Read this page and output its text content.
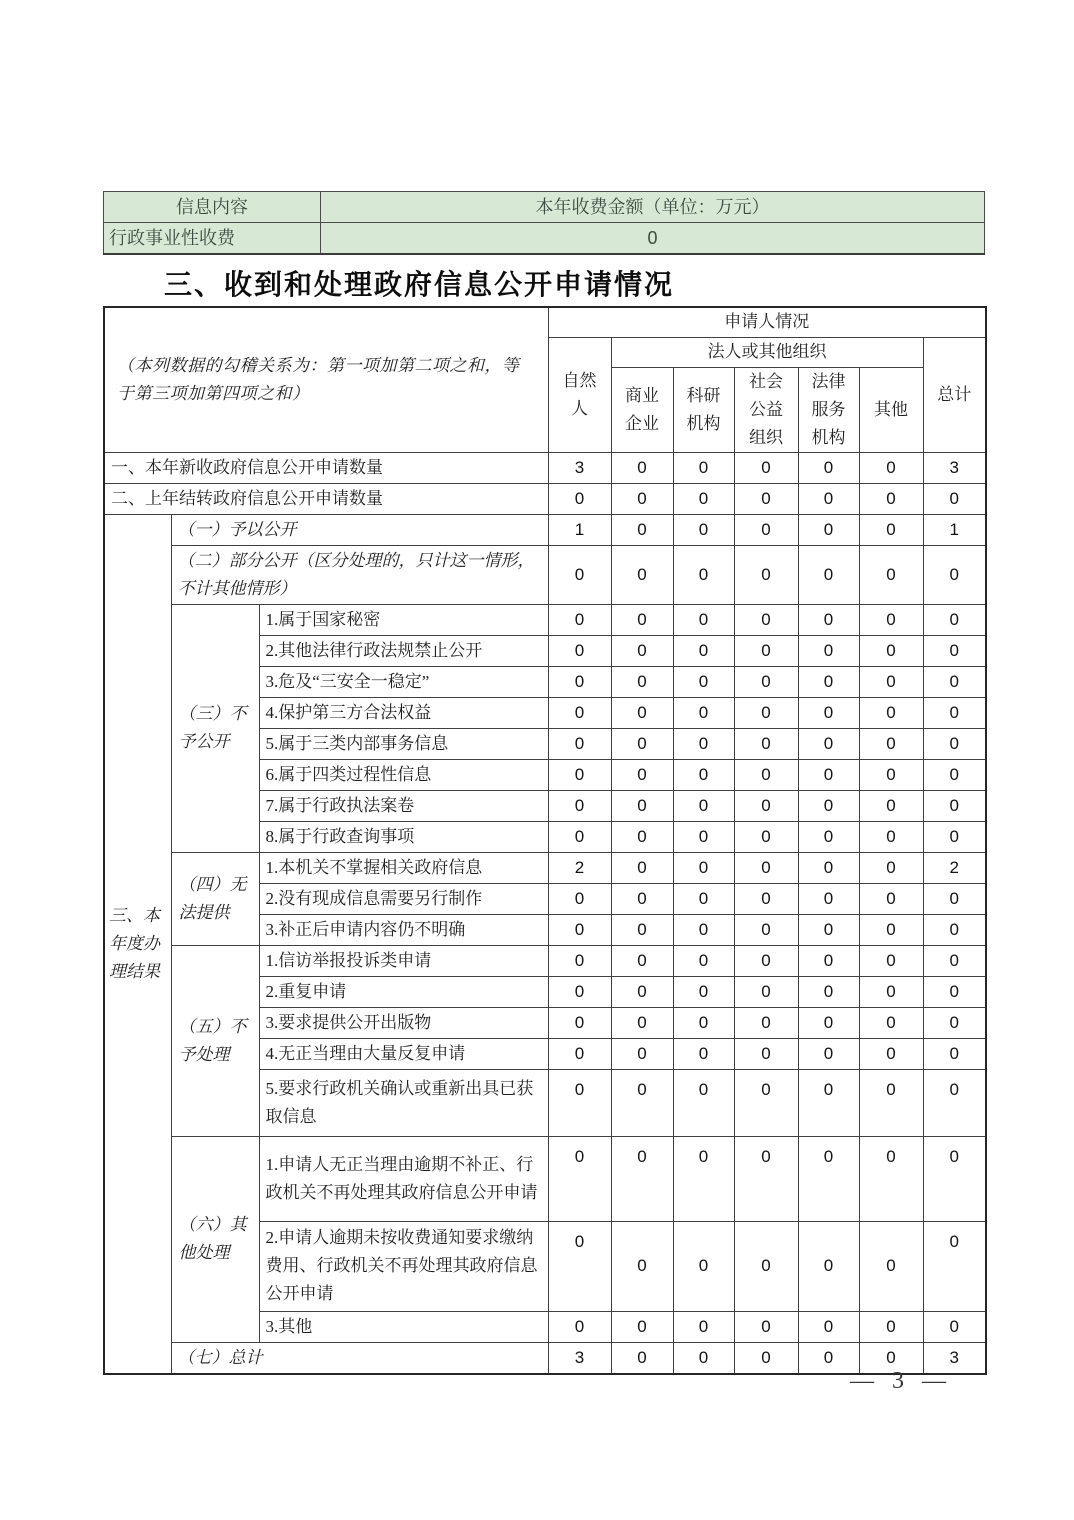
信息内容	本年收费金额（单位：万元）
行政事业性收费	0
三、收到和处理政府信息公开申请情况
（本列数据的勾稽关系为：第一项加第二项之和，等于第三项加第四项之和）			申请人情况						
			自然人	法人或其他组织					总计
				商业企业	科研机构	社会公益组织	法律服务机构	其他	
一、本年新收政府信息公开申请数量			3	0	0	0	0	0	3
二、上年结转政府信息公开申请数量			0	0	0	0	0	0	0
三、本年度办理结果	（一）予以公开		1	0	0	0	0	0	1
	（二）部分公开（区分处理的，只计这一情形，不计其他情形）		0	0	0	0	0	0	0
	（三）不予公开	1.属于国家秘密	0	0	0	0	0	0	0
		2.其他法律行政法规禁止公开	0	0	0	0	0	0	0
		3.危及“三安全一稳定”	0	0	0	0	0	0	0
		4.保护第三方合法权益	0	0	0	0	0	0	0
		5.属于三类内部事务信息	0	0	0	0	0	0	0
		6.属于四类过程性信息	0	0	0	0	0	0	0
		7.属于行政执法案卷	0	0	0	0	0	0	0
		8.属于行政查询事项	0	0	0	0	0	0	0
	（四）无法提供	1.本机关不掌握相关政府信息	2	0	0	0	0	0	2
		2.没有现成信息需要另行制作	0	0	0	0	0	0	0
		3.补正后申请内容仍不明确	0	0	0	0	0	0	0
	（五）不予处理	1.信访举报投诉类申请	0	0	0	0	0	0	0
		2.重复申请	0	0	0	0	0	0	0
		3.要求提供公开出版物	0	0	0	0	0	0	0
		4.无正当理由大量反复申请	0	0	0	0	0	0	0
		5.要求行政机关确认或重新出具已获取信息	0	0	0	0	0	0	0
	（六）其他处理	1.申请人无正当理由逾期不补正、行政机关不再处理其政府信息公开申请	0	0	0	0	0	0	0
		2.申请人逾期未按收费通知要求缴纳费用、行政机关不再处理其政府信息公开申请	0	0	0	0	0	0	0
		3.其他	0	0	0	0	0	0	0
	（七）总计		3	0	0	0	0	0	3
— 3 —
